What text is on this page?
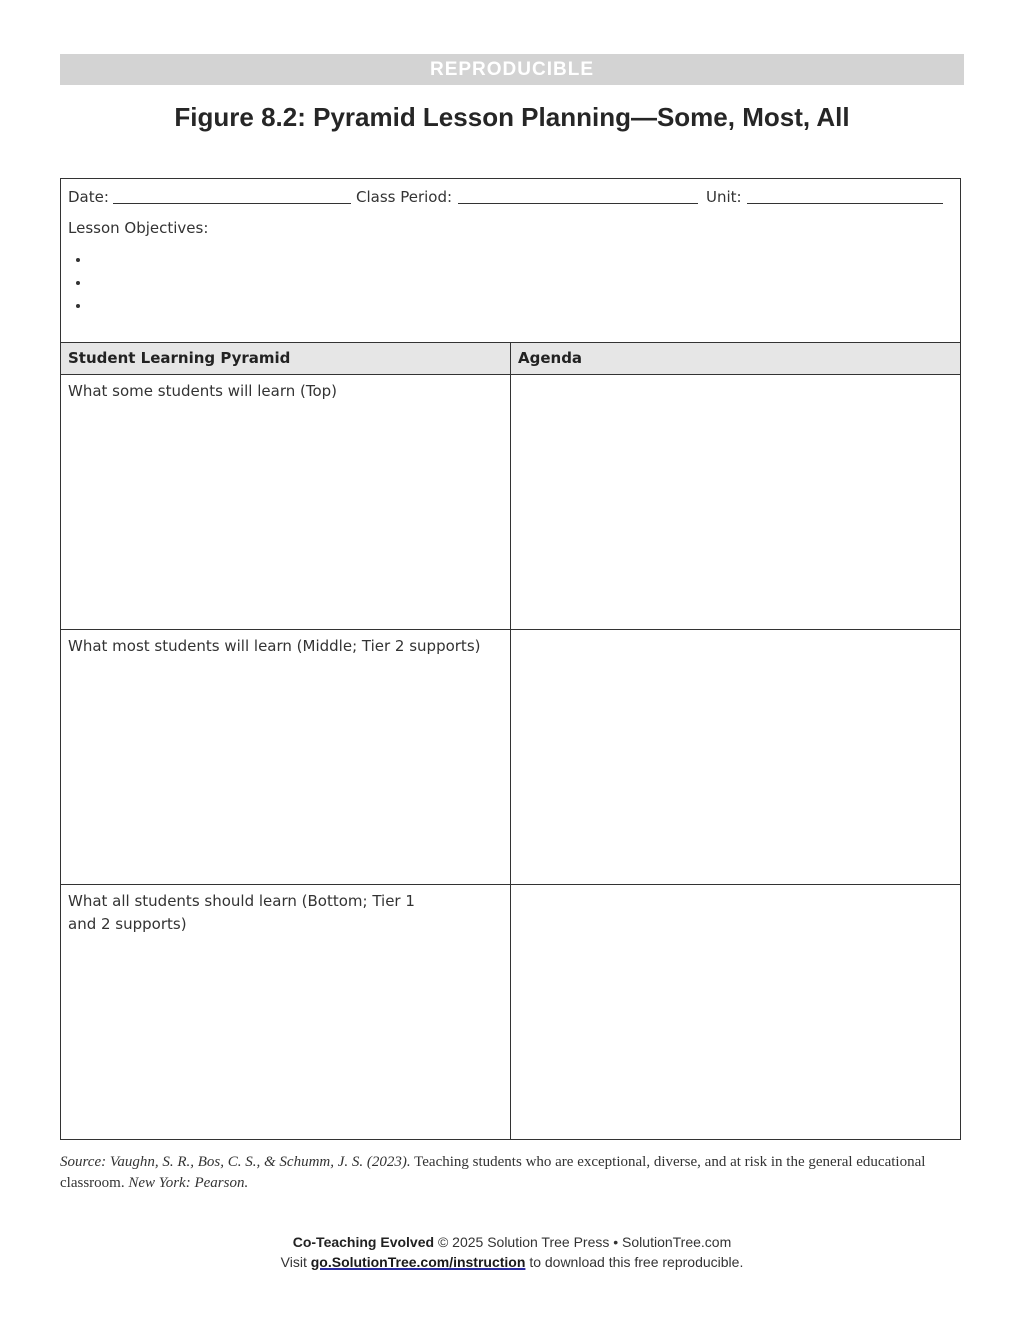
REPRODUCIBLE
Figure 8.2: Pyramid Lesson Planning—Some, Most, All
Date:	Class Period:	Unit:
Lesson Objectives:
Student Learning Pyramid	Agenda
What some students will learn (Top)
What most students will learn (Middle; Tier 2 supports)
What all students should learn (Bottom; Tier 1 and 2 supports)
Source: Vaughn, S. R., Bos, C. S., & Schumm, J. S. (2023). Teaching students who are exceptional, diverse, and at risk in the general educational classroom. New York: Pearson.
Co-Teaching Evolved © 2025 Solution Tree Press • SolutionTree.com
Visit go.SolutionTree.com/instruction to download this free reproducible.
